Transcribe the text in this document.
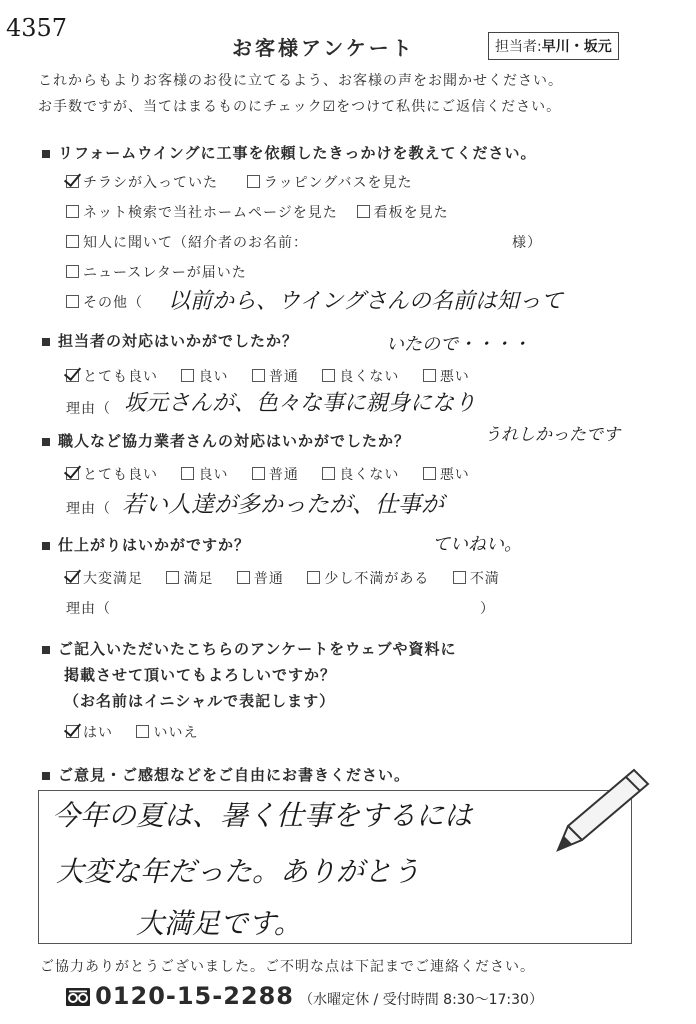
4357
お客様アンケート	担当者:早川・坂元
これからもよりお客様のお役に立てるよう、お客様の声をお聞かせください。
お手数ですが、当てはまるものにチェック☑をつけて私供にご返信ください。
リフォームウイングに工事を依頼したきっかけを教えてください。
チラシが入っていた	ラッピングバスを見た
ネット検索で当社ホームページを見た	看板を見た
知人に聞いて（紹介者のお名前：	様）
ニュースレターが届いた
その他（ 以前から、ウイングさんの名前は知って
いたので・・・・
担当者の対応はいかがでしたか？
とても良い	良い	普通	良くない	悪い
理由（ 坂元さんが、色々な事に親身になり
うれしかったです
職人など協力業者さんの対応はいかがでしたか？
とても良い	良い	普通	良くない	悪い
理由（ 若い人達が多かったが、仕事が
ていねい。
仕上がりはいかがですか？
大変満足	満足	普通	少し不満がある	不満
理由（	）
ご記入いただいたこちらのアンケートをウェブや資料に
掲載させて頂いてもよろしいですか？
（お名前はイニシャルで表記します）
はい	いいえ
ご意見・ご感想などをご自由にお書きください。
今年の夏は、暑く仕事をするには
大変な年だった。ありがとう
大満足です。
ご協力ありがとうございました。ご不明な点は下記までご連絡ください。
0120-15-2288 （水曜定休 / 受付時間 8:30〜17:30）
